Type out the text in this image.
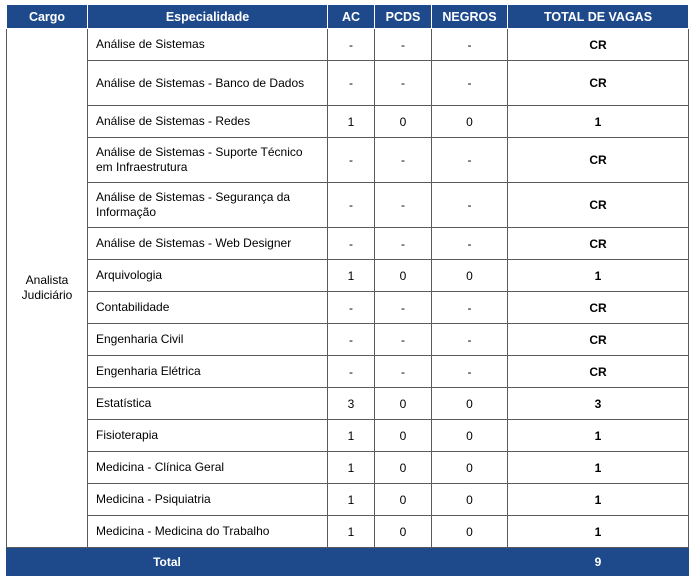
Cargo	Especialidade	AC	PCDS	NEGROS	TOTAL DE VAGAS
Analista Judiciário	Análise de Sistemas	-	-	-	CR
	Análise de Sistemas - Banco de Dados	-	-	-	CR
	Análise de Sistemas - Redes	1	0	0	1
	Análise de Sistemas - Suporte Técnico em Infraestrutura	-	-	-	CR
	Análise de Sistemas - Segurança da Informação	-	-	-	CR
	Análise de Sistemas - Web Designer	-	-	-	CR
	Arquivologia	1	0	0	1
	Contabilidade	-	-	-	CR
	Engenharia Civil	-	-	-	CR
	Engenharia Elétrica	-	-	-	CR
	Estatística	3	0	0	3
	Fisioterapia	1	0	0	1
	Medicina - Clínica Geral	1	0	0	1
	Medicina - Psiquiatria	1	0	0	1
	Medicina - Medicina do Trabalho	1	0	0	1
Total					9
